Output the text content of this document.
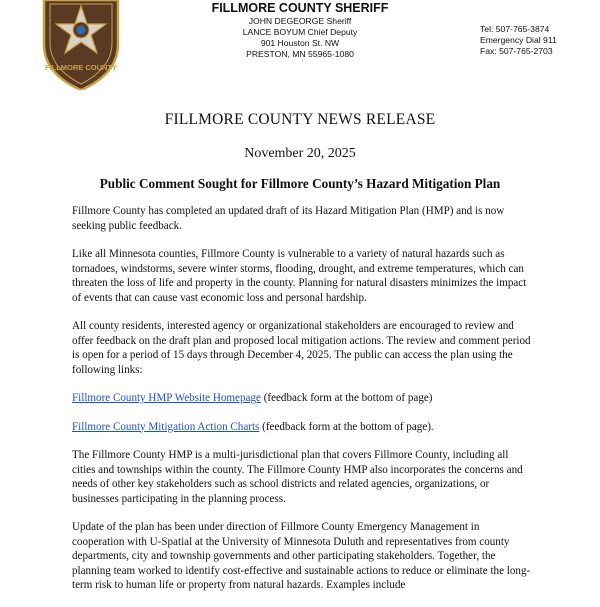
FILLMORE COUNTY
FILLMORE COUNTY SHERIFF
JOHN DEGEORGE Sheriff
LANCE BOYUM Chief Deputy
901 Houston St. NW
PRESTON, MN 55965-1080
Tel: 507-765-3874
Emergency Dial 911
Fax: 507-765-2703
FILLMORE COUNTY NEWS RELEASE
November 20, 2025
Public Comment Sought for Fillmore County’s Hazard Mitigation Plan

Fillmore County has completed an updated draft of its Hazard Mitigation Plan (HMP) and is now seeking public feedback.

Like all Minnesota counties, Fillmore County is vulnerable to a variety of natural hazards such as tornadoes, windstorms, severe winter storms, flooding, drought, and extreme temperatures, which can threaten the loss of life and property in the county. Planning for natural disasters minimizes the impact of events that can cause vast economic loss and personal hardship.

All county residents, interested agency or organizational stakeholders are encouraged to review and offer feedback on the draft plan and proposed local mitigation actions. The review and comment period is open for a period of 15 days through December 4, 2025. The public can access the plan using the following links:

Fillmore County HMP Website Homepage (feedback form at the bottom of page)

Fillmore County Mitigation Action Charts (feedback form at the bottom of page).

The Fillmore County HMP is a multi-jurisdictional plan that covers Fillmore County, including all cities and townships within the county. The Fillmore County HMP also incorporates the concerns and needs of other key stakeholders such as school districts and related agencies, organizations, or businesses participating in the planning process.

Update of the plan has been under direction of Fillmore County Emergency Management in cooperation with U-Spatial at the University of Minnesota Duluth and representatives from county departments, city and township governments and other participating stakeholders. Together, the planning team worked to identify cost-effective and sustainable actions to reduce or eliminate the long-term risk to human life or property from natural hazards. Examples include
